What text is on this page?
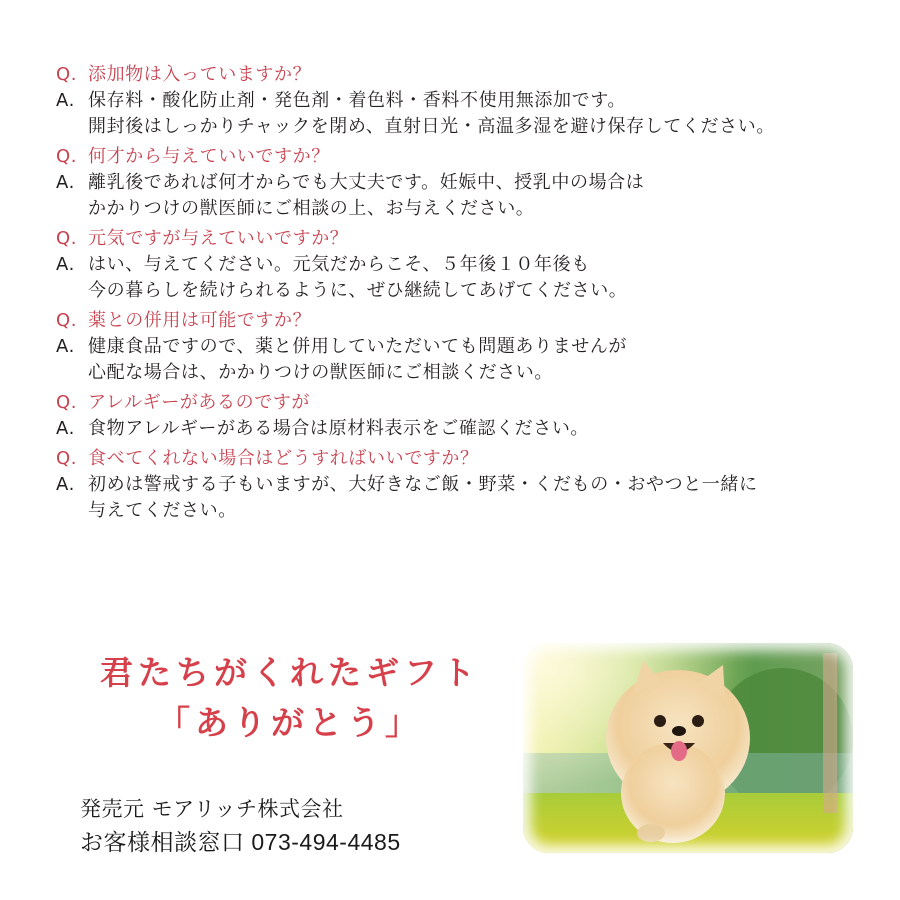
Q. 添加物は入っていますか？
A. 保存料・酸化防止剤・発色剤・着色料・香料不使用無添加です。
開封後はしっかりチャックを閉め、直射日光・高温多湿を避け保存してください。
Q. 何才から与えていいですか？
A. 離乳後であれば何才からでも大丈夫です。妊娠中、授乳中の場合は
かかりつけの獣医師にご相談の上、お与えください。
Q. 元気ですが与えていいですか？
A. はい、与えてください。元気だからこそ、５年後１０年後も
今の暮らしを続けられるように、ぜひ継続してあげてください。
Q. 薬との併用は可能ですか？
A. 健康食品ですので、薬と併用していただいても問題ありませんが
心配な場合は、かかりつけの獣医師にご相談ください。
Q. アレルギーがあるのですが
A. 食物アレルギーがある場合は原材料表示をご確認ください。
Q. 食べてくれない場合はどうすればいいですか？
A. 初めは警戒する子もいますが、大好きなご飯・野菜・くだもの・おやつと一緒に
与えてください。
君たちがくれたギフト
「ありがとう」
発売元 モアリッチ株式会社
お客様相談窓口 073-494-4485
